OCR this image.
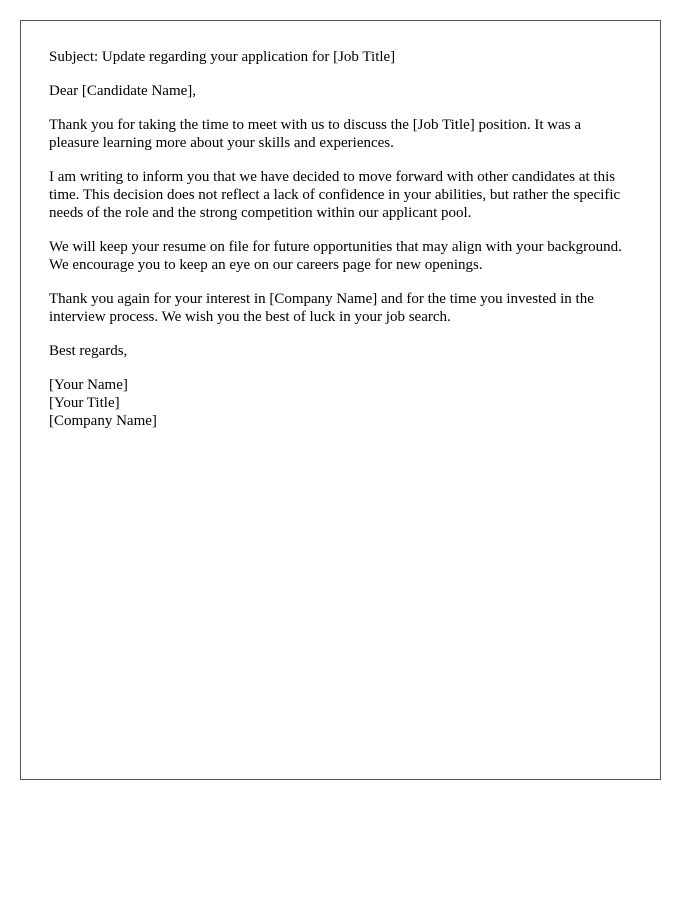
Subject: Update regarding your application for [Job Title]

Dear [Candidate Name],

Thank you for taking the time to meet with us to discuss the [Job Title] position. It was a pleasure learning more about your skills and experiences.

I am writing to inform you that we have decided to move forward with other candidates at this time. This decision does not reflect a lack of confidence in your abilities, but rather the specific needs of the role and the strong competition within our applicant pool.

We will keep your resume on file for future opportunities that may align with your background. We encourage you to keep an eye on our careers page for new openings.

Thank you again for your interest in [Company Name] and for the time you invested in the interview process. We wish you the best of luck in your job search.

Best regards,

[Your Name]
[Your Title]
[Company Name]
